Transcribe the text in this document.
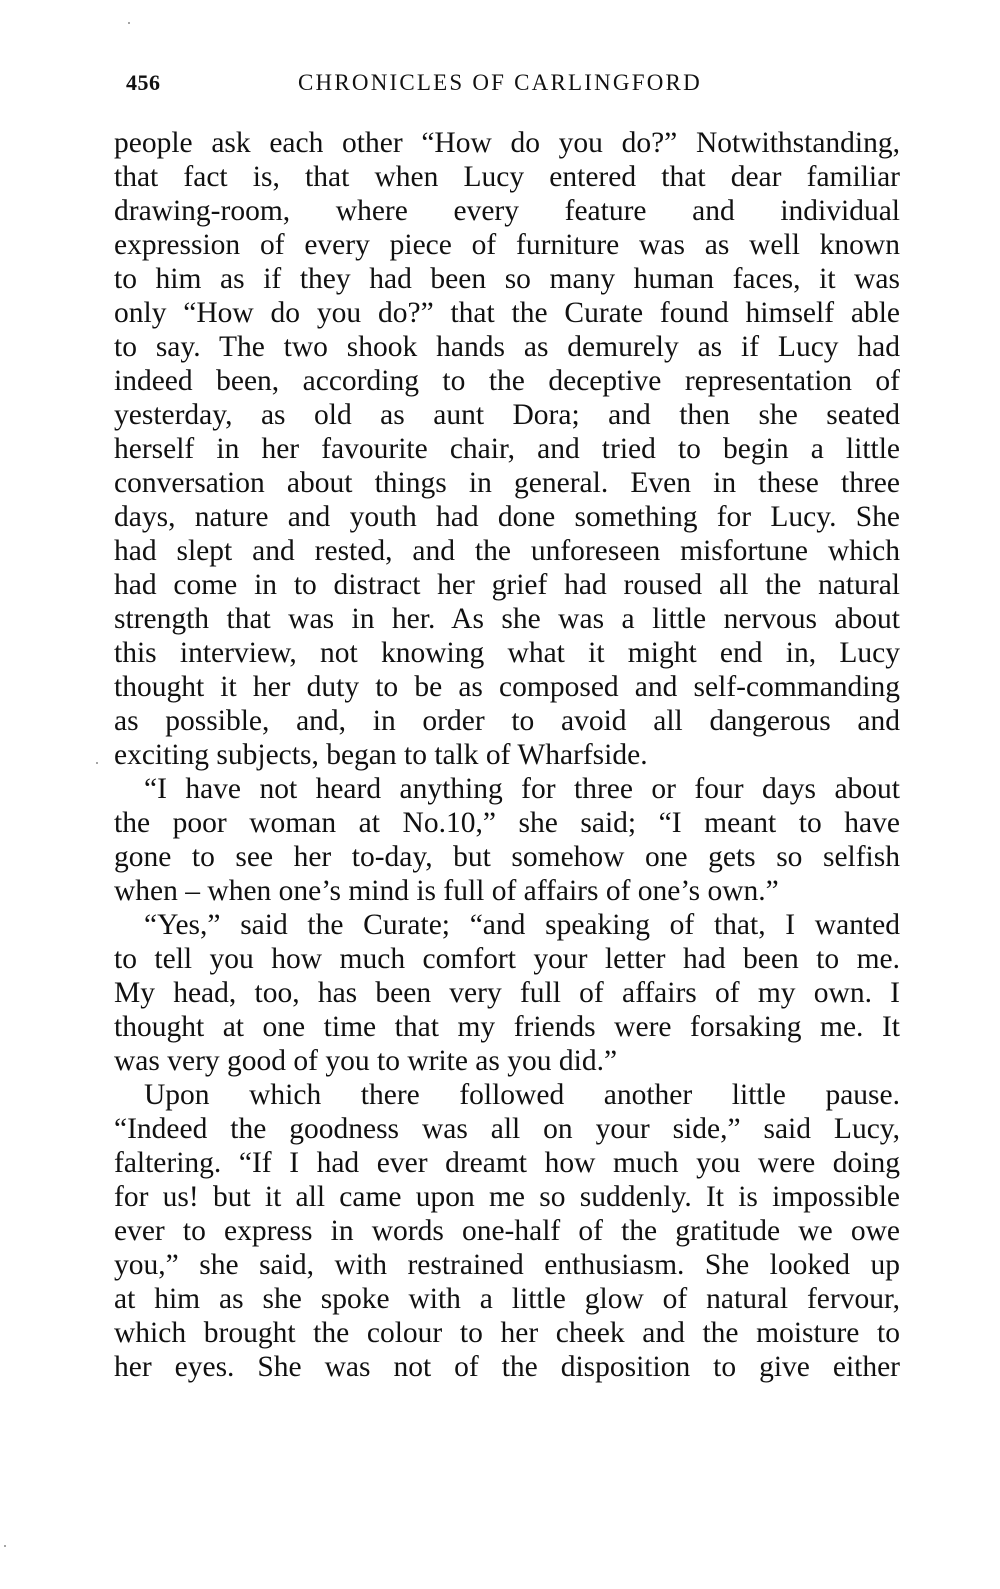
456	CHRONICLES OF CARLINGFORD
people ask each other “How do you do?” Notwithstanding,
that fact is, that when Lucy entered that dear familiar
drawing-room, where every feature and individual
expression of every piece of furniture was as well known
to him as if they had been so many human faces, it was
only “How do you do?” that the Curate found himself able
to say. The two shook hands as demurely as if Lucy had
indeed been, according to the deceptive representation of
yesterday, as old as aunt Dora; and then she seated
herself in her favourite chair, and tried to begin a little
conversation about things in general. Even in these three
days, nature and youth had done something for Lucy. She
had slept and rested, and the unforeseen misfortune which
had come in to distract her grief had roused all the natural
strength that was in her. As she was a little nervous about
this interview, not knowing what it might end in, Lucy
thought it her duty to be as composed and self-commanding
as possible, and, in order to avoid all dangerous and
exciting subjects, began to talk of Wharfside.
“I have not heard anything for three or four days about
the poor woman at No.10,” she said; “I meant to have
gone to see her to-day, but somehow one gets so selfish
when – when one’s mind is full of affairs of one’s own.”
“Yes,” said the Curate; “and speaking of that, I wanted
to tell you how much comfort your letter had been to me.
My head, too, has been very full of affairs of my own. I
thought at one time that my friends were forsaking me. It
was very good of you to write as you did.”
Upon which there followed another little pause.
“Indeed the goodness was all on your side,” said Lucy,
faltering. “If I had ever dreamt how much you were doing
for us! but it all came upon me so suddenly. It is impossible
ever to express in words one-half of the gratitude we owe
you,” she said, with restrained enthusiasm. She looked up
at him as she spoke with a little glow of natural fervour,
which brought the colour to her cheek and the moisture to
her eyes. She was not of the disposition to give either
